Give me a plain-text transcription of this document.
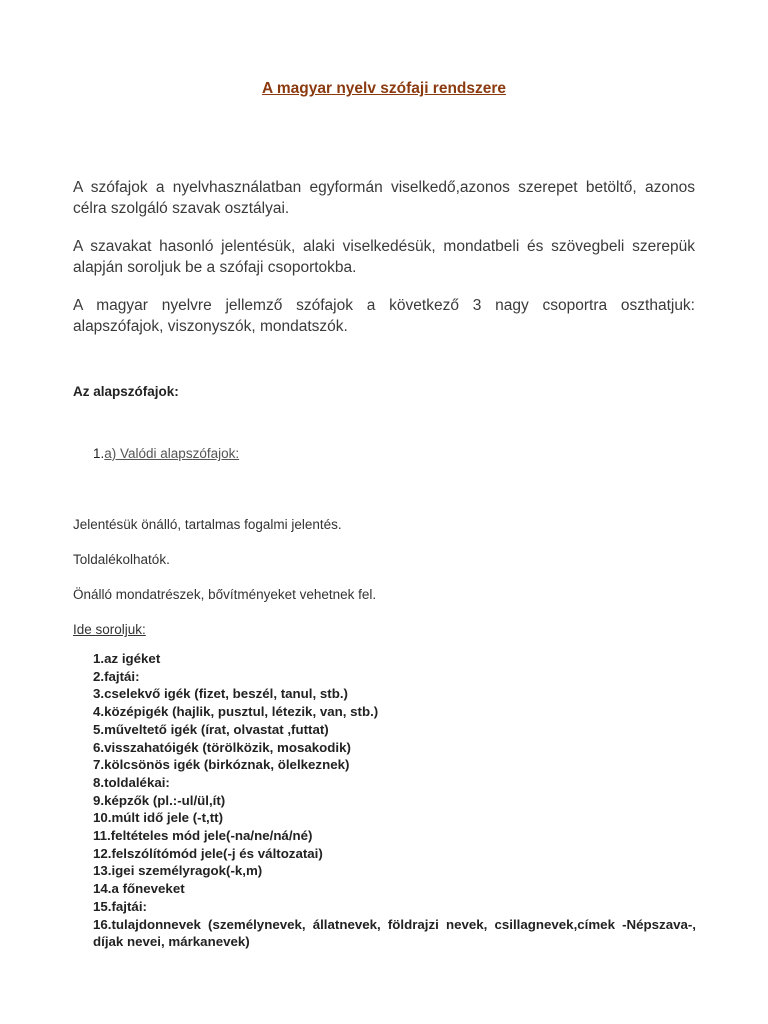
A magyar nyelv szófaji rendszere
A szófajok a nyelvhasználatban egyformán viselkedő,azonos szerepet betöltő, azonos célra szolgáló szavak osztályai.
A szavakat hasonló jelentésük, alaki viselkedésük, mondatbeli és szövegbeli szerepük alapján soroljuk be a szófaji csoportokba.
A magyar nyelvre jellemző szófajok a következő 3 nagy csoportra oszthatjuk: alapszófajok, viszonyszók, mondatszók.
Az alapszófajok:
1.a) Valódi alapszófajok:
Jelentésük önálló, tartalmas fogalmi jelentés.
Toldalékolhatók.
Önálló mondatrészek, bővítményeket vehetnek fel.
Ide soroljuk:
1.az igéket
2.fajtái:
3.cselekvő igék (fizet, beszél, tanul, stb.)
4.középigék (hajlik, pusztul, létezik, van, stb.)
5.műveltető igék (írat, olvastat ,futtat)
6.visszahatóigék (törölközik, mosakodik)
7.kölcsönös igék (birkóznak, ölelkeznek)
8.toldalékai:
9.képzők (pl.:-ul/ül,ít)
10.múlt idő jele (-t,tt)
11.feltételes mód jele(-na/ne/ná/né)
12.felszólítómód jele(-j és változatai)
13.igei személyragok(-k,m)
14.a főneveket
15.fajtái:
16.tulajdonnevek (személynevek, állatnevek, földrajzi nevek, csillagnevek,címek -Népszava-, díjak nevei, márkanevek)
